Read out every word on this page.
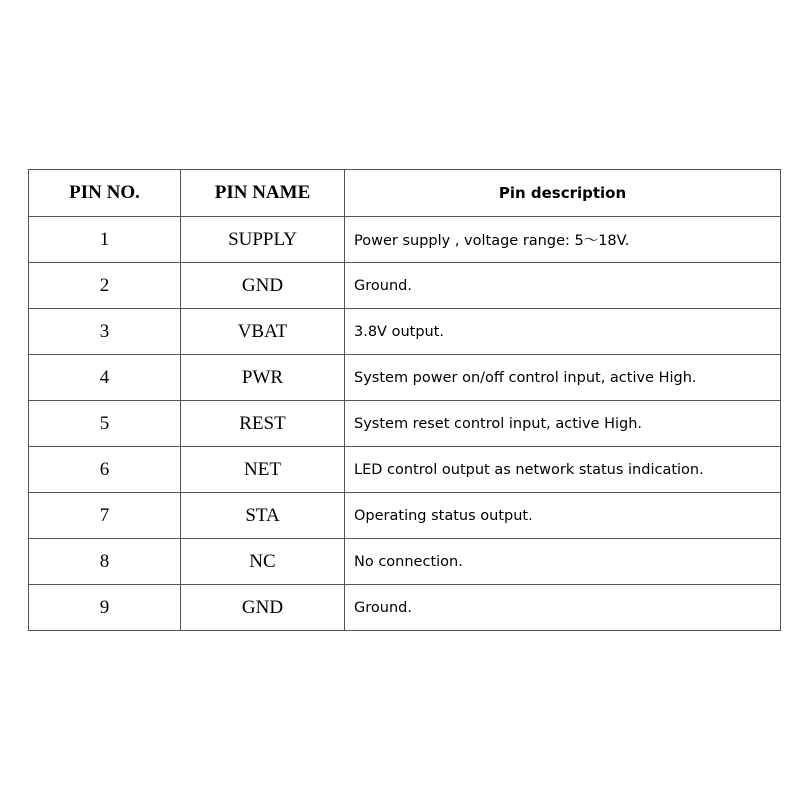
PIN NO.	PIN NAME	Pin description
1	SUPPLY	Power supply , voltage range: 5～18V.
2	GND	Ground.
3	VBAT	3.8V output.
4	PWR	System power on/off control input, active High.
5	REST	System reset control input, active High.
6	NET	LED control output as network status indication.
7	STA	Operating status output.
8	NC	No connection.
9	GND	Ground.
